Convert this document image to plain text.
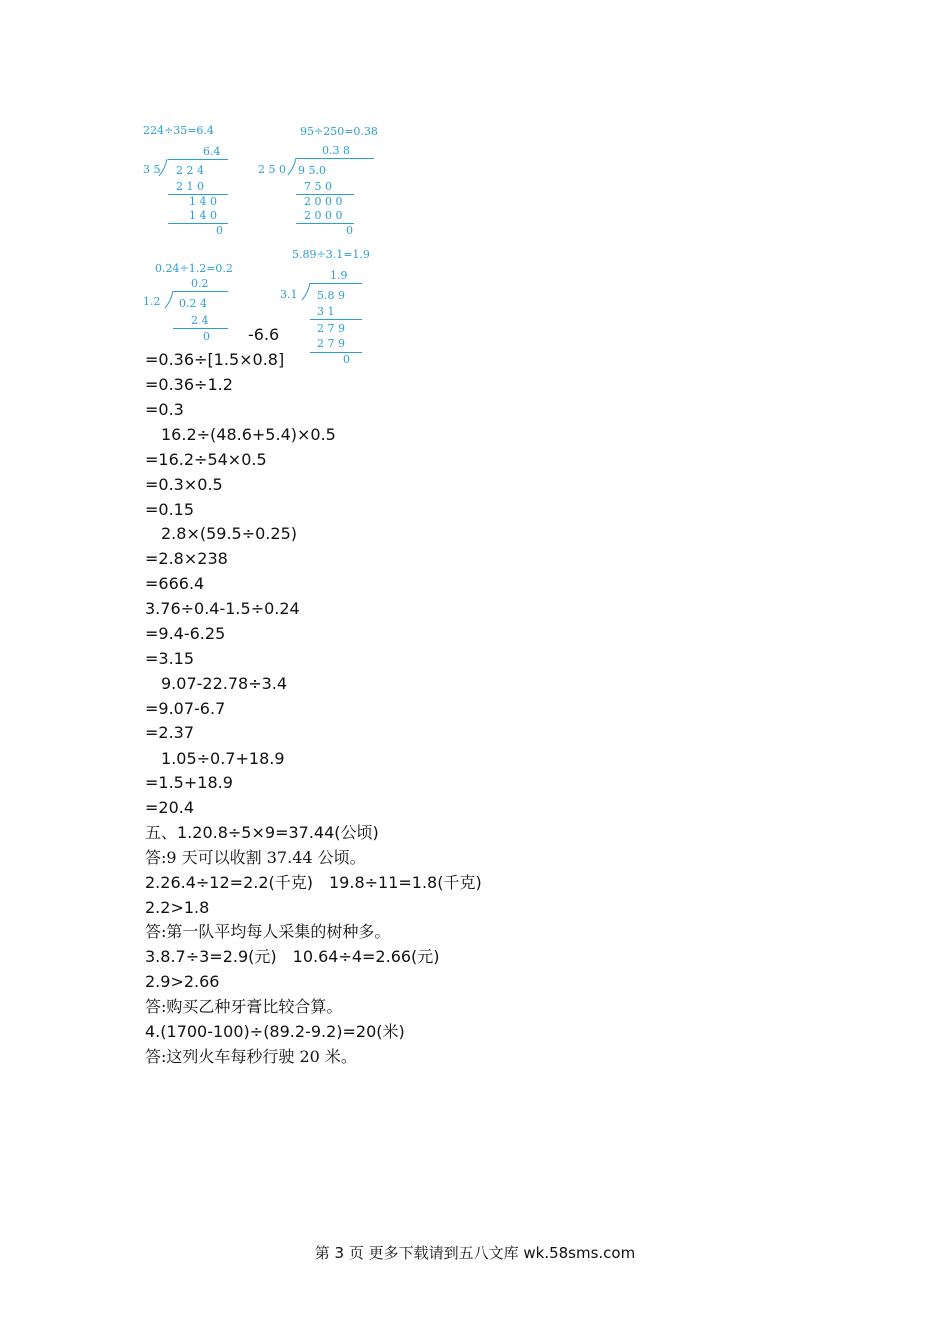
224÷35=6.4
6.4
3 5 2 2 4
2 1 0
1 4 0
1 4 0
0
95÷250=0.38
0.3 8
2 5 0 9 5.0
7 5 0
2 0 0 0
2 0 0 0
0
0.24÷1.2=0.2
0.2
1.2 0.2 4
2 4
0
5.89÷3.1=1.9
1.9
3.1 5.8 9
3 1
2 7 9
2 7 9
0
-6.6
=0.36÷[1.5×0.8]
=0.36÷1.2
=0.3
16.2÷(48.6+5.4)×0.5
=16.2÷54×0.5
=0.3×0.5
=0.15
2.8×(59.5÷0.25)
=2.8×238
=666.4
3.76÷0.4-1.5÷0.24
=9.4-6.25
=3.15
9.07-22.78÷3.4
=9.07-6.7
=2.37
1.05÷0.7+18.9
=1.5+18.9
=20.4
五、1.20.8÷5×9=37.44(公顷)
答:9 天可以收割 37.44 公顷。
2.26.4÷12=2.2(千克)　19.8÷11=1.8(千克)
2.2>1.8
答:第一队平均每人采集的树种多。
3.8.7÷3=2.9(元)　10.64÷4=2.66(元)
2.9>2.66
答:购买乙种牙膏比较合算。
4.(1700-100)÷(89.2-9.2)=20(米)
答:这列火车每秒行驶 20 米。
第 3 页 更多下载请到五八文库 wk.58sms.com
